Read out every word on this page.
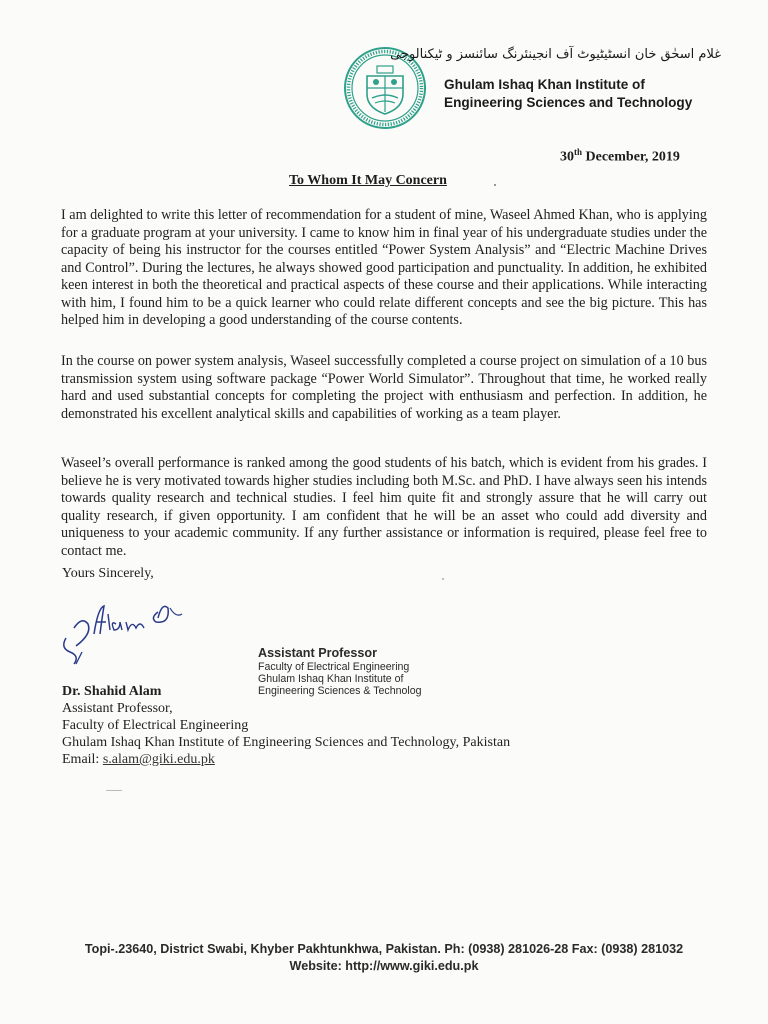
غلام اسحٰق خان انسٹیٹیوٹ آف انجینئرنگ سائنسز و ٹیکنالوجی
Ghulam Ishaq Khan Institute of
Engineering Sciences and Technology
30th December, 2019
To Whom It May Concern

I am delighted to write this letter of recommendation for a student of mine, Waseel Ahmed Khan, who is applying for a graduate program at your university. I came to know him in final year of his undergraduate studies under the capacity of being his instructor for the courses entitled “Power System Analysis” and “Electric Machine Drives and Control”. During the lectures, he always showed good participation and punctuality. In addition, he exhibited keen interest in both the theoretical and practical aspects of these course and their applications. While interacting with him, I found him to be a quick learner who could relate different concepts and see the big picture. This has helped him in developing a good understanding of the course contents.

In the course on power system analysis, Waseel successfully completed a course project on simulation of a 10 bus transmission system using software package “Power World Simulator”. Throughout that time, he worked really hard and used substantial concepts for completing the project with enthusiasm and perfection. In addition, he demonstrated his excellent analytical skills and capabilities of working as a team player.

Waseel’s overall performance is ranked among the good students of his batch, which is evident from his grades. I believe he is very motivated towards higher studies including both M.Sc. and PhD. I have always seen his intends towards quality research and technical studies. I feel him quite fit and strongly assure that he will carry out quality research, if given opportunity. I am confident that he will be an asset who could add diversity and uniqueness to your academic community. If any further assistance or information is required, please feel free to contact me.

Yours Sincerely,
Assistant Professor
Faculty of Electrical Engineering
Ghulam Ishaq Khan Institute of
Engineering Sciences & Technolog
Dr. Shahid Alam
Assistant Professor,
Faculty of Electrical Engineering
Ghulam Ishaq Khan Institute of Engineering Sciences and Technology, Pakistan
Email: s.alam@giki.edu.pk
Topi-.23640, District Swabi, Khyber Pakhtunkhwa, Pakistan. Ph: (0938) 281026-28 Fax: (0938) 281032
Website: http://www.giki.edu.pk
